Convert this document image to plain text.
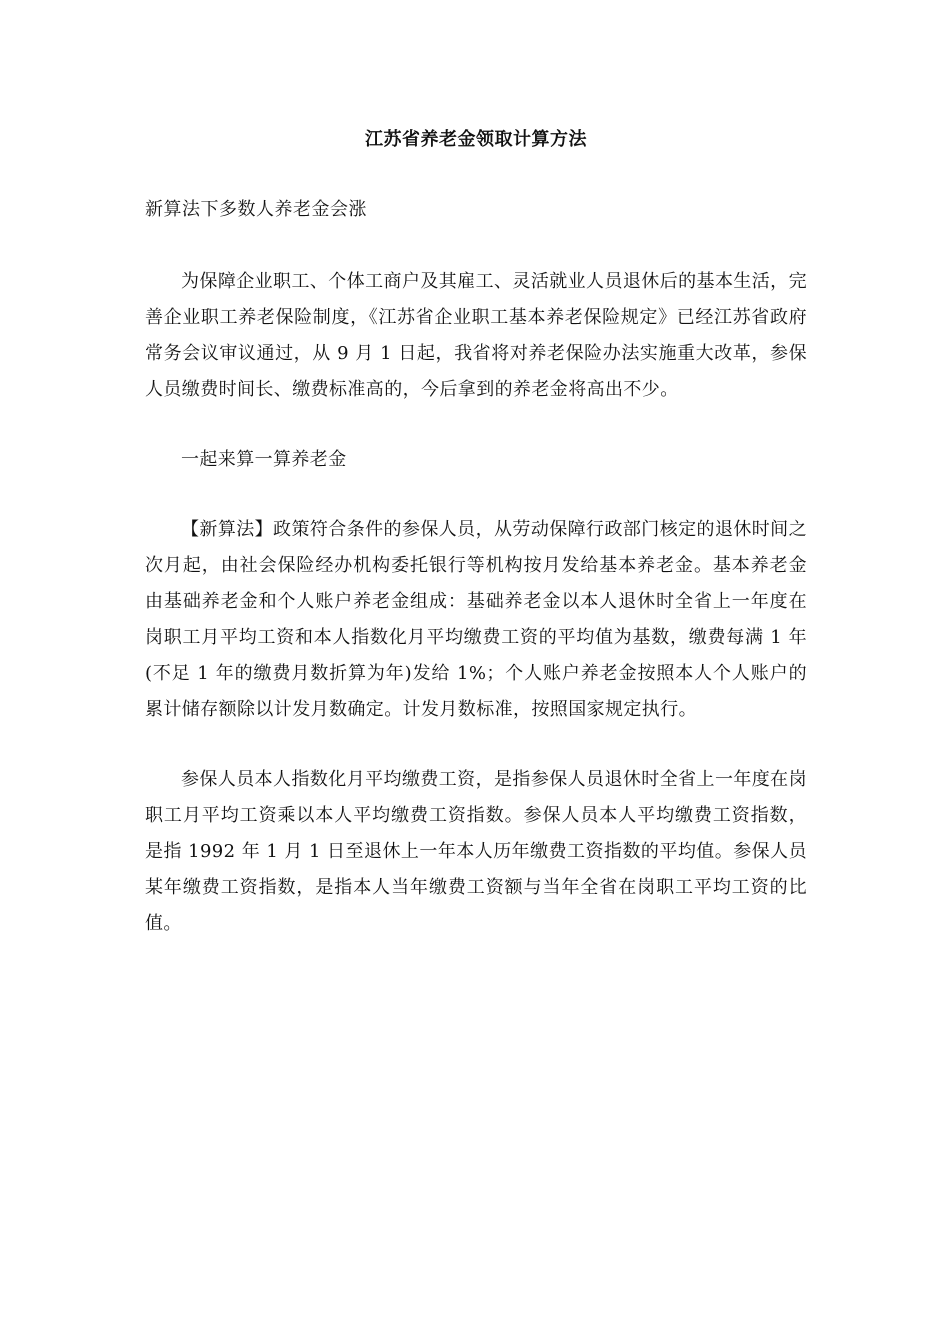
江苏省养老金领取计算方法

新算法下多数人养老金会涨

为保障企业职工、个体工商户及其雇工、灵活就业人员退休后的基本生活，完善企业职工养老保险制度，《江苏省企业职工基本养老保险规定》已经江苏省政府常务会议审议通过，从 9 月 1 日起，我省将对养老保险办法实施重大改革，参保人员缴费时间长、缴费标准高的，今后拿到的养老金将高出不少。

一起来算一算养老金

【新算法】政策符合条件的参保人员，从劳动保障行政部门核定的退休时间之次月起，由社会保险经办机构委托银行等机构按月发给基本养老金。基本养老金由基础养老金和个人账户养老金组成：基础养老金以本人退休时全省上一年度在岗职工月平均工资和本人指数化月平均缴费工资的平均值为基数，缴费每满 1 年(不足 1 年的缴费月数折算为年)发给 1%；个人账户养老金按照本人个人账户的累计储存额除以计发月数确定。计发月数标准，按照国家规定执行。

参保人员本人指数化月平均缴费工资，是指参保人员退休时全省上一年度在岗职工月平均工资乘以本人平均缴费工资指数。参保人员本人平均缴费工资指数，是指 1992 年 1 月 1 日至退休上一年本人历年缴费工资指数的平均值。参保人员某年缴费工资指数，是指本人当年缴费工资额与当年全省在岗职工平均工资的比值。
